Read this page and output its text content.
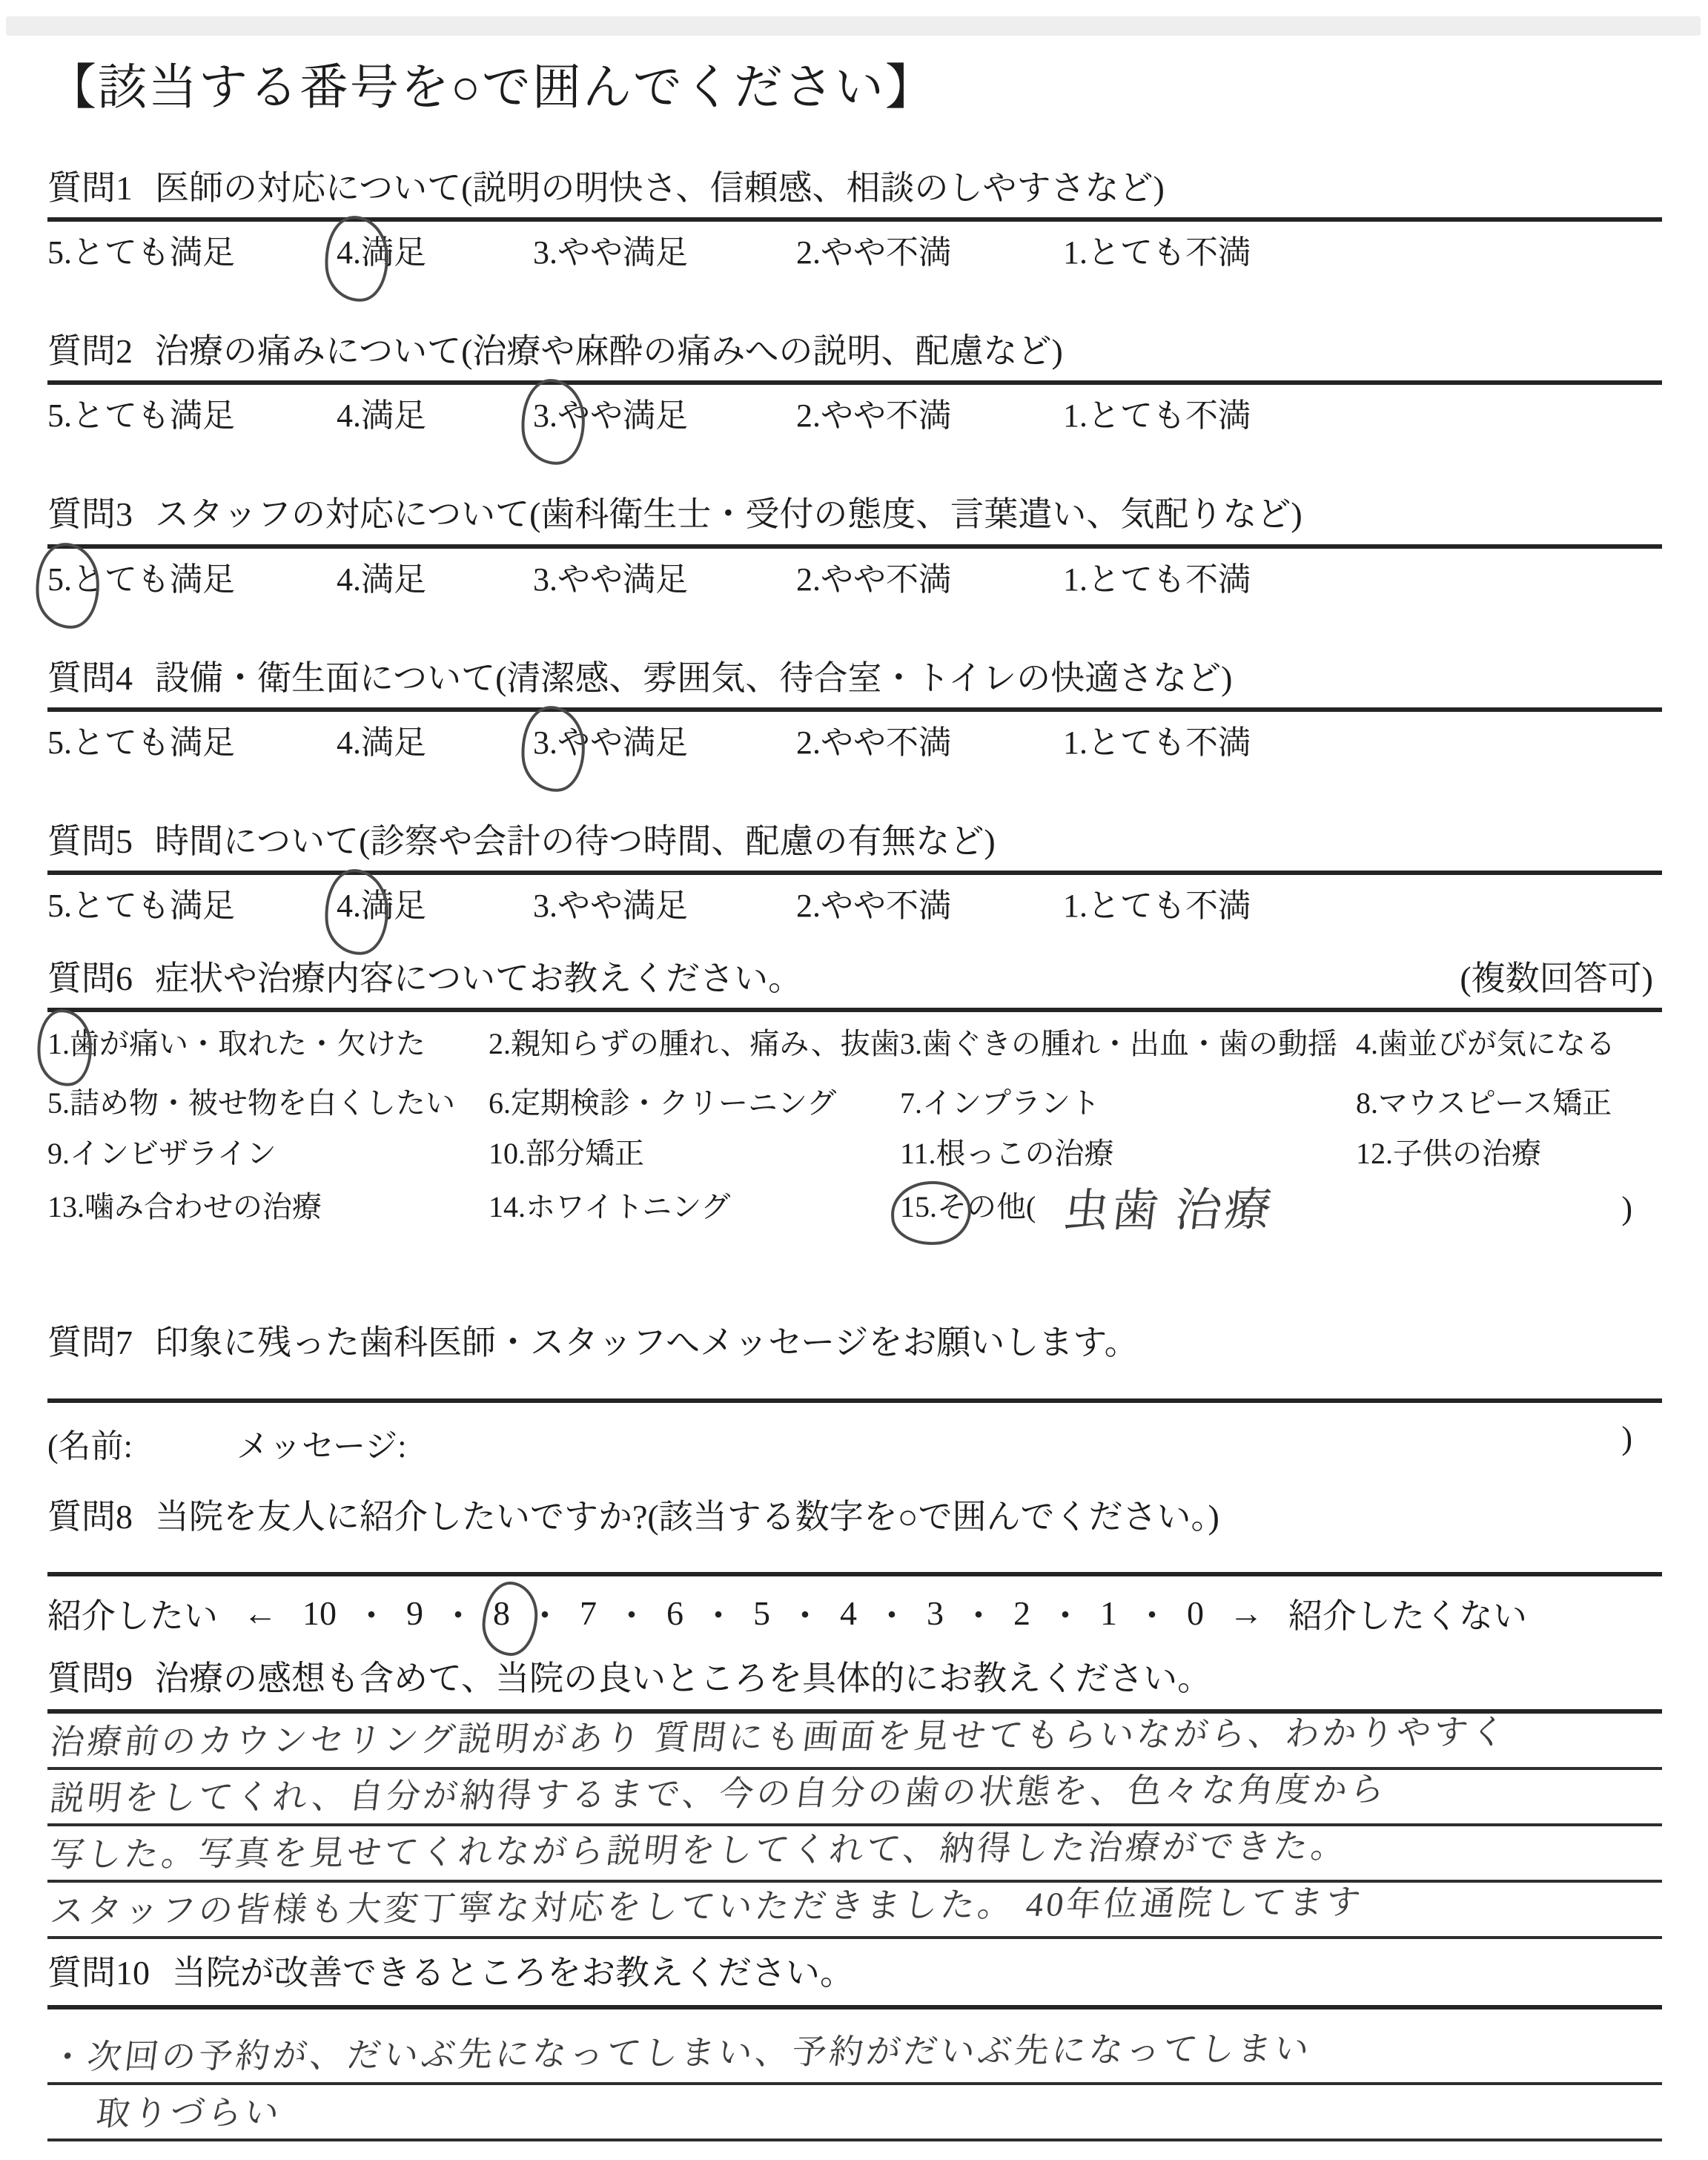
【該当する番号を○で囲んでください】
質問1 医師の対応について(説明の明快さ、信頼感、相談のしやすさなど)
5. とても満足	4. 満足	3. やや満足	2. やや不満	1. とても不満
質問2 治療の痛みについて(治療や麻酔の痛みへの説明、配慮など)
5. とても満足	4. 満足	3. やや満足	2. やや不満	1. とても不満
質問3 スタッフの対応について(歯科衛生士・受付の態度、言葉遣い、気配りなど)
5. とても満足	4. 満足	3. やや満足	2. やや不満	1. とても不満
質問4 設備・衛生面について(清潔感、雰囲気、待合室・トイレの快適さなど)
5. とても満足	4. 満足	3. やや満足	2. やや不満	1. とても不満
質問5 時間について(診察や会計の待つ時間、配慮の有無など)
5. とても満足	4. 満足	3. やや満足	2. やや不満	1. とても不満
質問6 症状や治療内容についてお教えください。	(複数回答可)
1. 歯が痛い・取れた・欠けた 2. 親知らずの腫れ、痛み、抜歯 3. 歯ぐきの腫れ・出血・歯の動揺 4. 歯並びが気になる
5. 詰め物・被せ物を白くしたい 6. 定期検診・クリーニング 7. インプラント	8. マウスピース矯正
9. インビザライン	10. 部分矯正	11. 根っこの治療	12. 子供の治療
13. 噛み合わせの治療	14. ホワイトニング	15. その他( 虫歯 治療	)
質問7 印象に残った歯科医師・スタッフへメッセージをお願いします。
(名前:	メッセージ:	)
質問8 当院を友人に紹介したいですか?(該当する数字を○で囲んでください。)
紹介したい ← 10 ・ 9 ・ 8 ・ 7 ・ 6 ・ 5 ・ 4 ・ 3 ・ 2 ・ 1 ・ 0 → 紹介したくない
質問9 治療の感想も含めて、当院の良いところを具体的にお教えください。
治療前のカウンセリング説明があり 質問にも画面を見せてもらいながら、わかりやすく
説明をしてくれ、自分が納得するまで、今の自分の歯の状態を、色々な角度から
写した。写真を見せてくれながら説明をしてくれて、納得した治療ができた。
スタッフの皆様も大変丁寧な対応をしていただきました。 40年位通院してます
質問10 当院が改善できるところをお教えください。
・次回の予約が、だいぶ先になってしまい、予約がだいぶ先になってしまい
取りづらい
